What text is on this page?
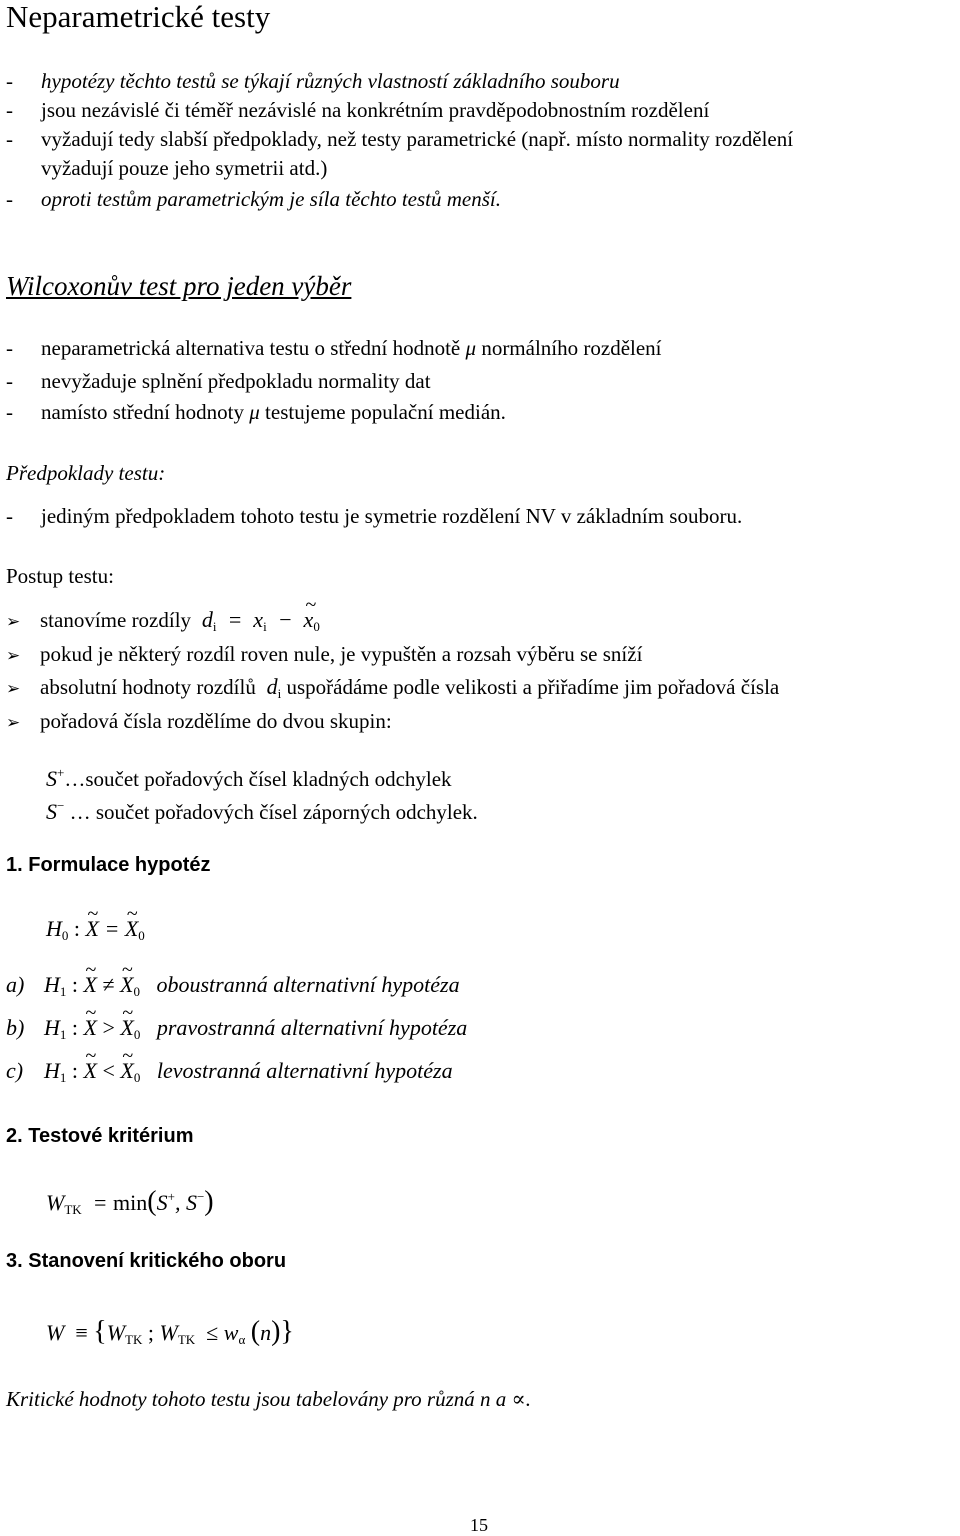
Neparametrické testy
- hypotézy těchto testů se týkají různých vlastností základního souboru
- jsou nezávislé či téměř nezávislé na konkrétním pravděpodobnostním rozdělení
- vyžadují tedy slabší předpoklady, než testy parametrické (např. místo normality rozdělení
vyžadují pouze jeho symetrii atd.)
- oproti testům parametrickým je síla těchto testů menší.
Wilcoxonův test pro jeden výběr
- neparametrická alternativa testu o střední hodnotě μ normálního rozdělení
- nevyžaduje splnění předpokladu normality dat
- namísto střední hodnoty μ testujeme populační medián.
Předpoklady testu:
- jediným předpokladem tohoto testu je symetrie rozdělení NV v základním souboru.
Postup testu:
➢ stanovíme rozdíly  $d_i = x_i$  −  ~ $x_0$
➢ pokud je některý rozdíl roven nule, je vypuštěn a rozsah výběru se sníží
➢ absolutní hodnoty rozdílů  $d_i$ uspořádáme podle velikosti a přiřadíme jim pořadová čísla
➢ pořadová čísla rozdělíme do dvou skupin:
S+…součet pořadových čísel kladných odchylek
S− … součet pořadových čísel záporných odchylek.
1. Formulace hypotéz
$H_0$ : ~ X = ~ $X_0$
a) $H_1$ : ~ X ≠ ~ $X_0$ oboustranná alternativní hypotéza
b) $H_1$ : ~ X > ~ $X_0$ pravostranná alternativní hypotéza
c) $H_1$ : ~ X < ~ $X_0$ levostranná alternativní hypotéza
2. Testové kritérium
$W_{TK} = \min(S^+$, S−)
3. Stanovení kritického oboru
$W \equiv \{W_{TK}$ ; $W_{TK} \le w_\alpha$ (n)}
Kritické hodnoty tohoto testu jsou tabelovány pro různá n a ∝.
15
